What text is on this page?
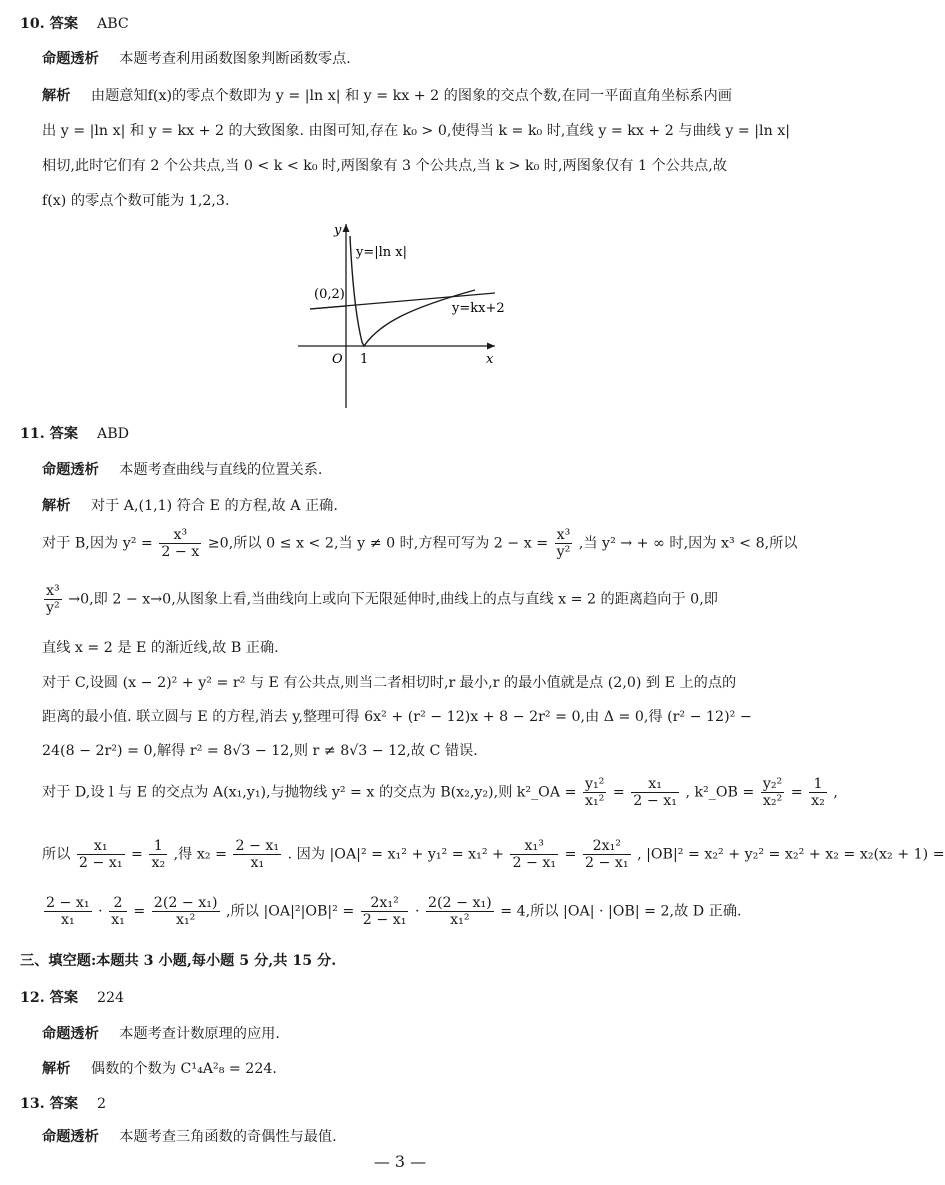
10. 答案 ABC
命题透析 本题考查利用函数图象判断函数零点.
解析 由题意知f(x)的零点个数即为 y = |ln x| 和 y = kx + 2 的图象的交点个数,在同一平面直角坐标系内画
出 y = |ln x| 和 y = kx + 2 的大致图象. 由图可知,存在 k₀ > 0,使得当 k = k₀ 时,直线 y = kx + 2 与曲线 y = |ln x|
相切,此时它们有 2 个公共点,当 0 < k < k₀ 时,两图象有 3 个公共点,当 k > k₀ 时,两图象仅有 1 个公共点,故
f(x) 的零点个数可能为 1,2,3.
y
x
O 1
(0,2)
y=|ln x|
y=kx+2
11. 答案 ABD
命题透析 本题考查曲线与直线的位置关系.
解析 对于 A,(1,1) 符合 E 的方程,故 A 正确.
对于 B,因为 $y^2 = \frac{\text{x³}}{2 - x} \ge 0$,所以 0 ≤ x < 2,当 y ≠ 0 时,方程可写为 $2 - x = \frac{\text{x³}}{\text{y²}}$ ,当 y² → + ∞ 时,因为 x³ < 8,所以
$\frac{\text{x³}}{\text{y²}} \to 0$,即 2 − x→0,从图象上看,当曲线向上或向下无限延伸时,曲线上的点与直线 x = 2 的距离趋向于 0,即
直线 x = 2 是 E 的渐近线,故 B 正确.
对于 C,设圆 (x − 2)² + y² = r² 与 E 有公共点,则当二者相切时,r 最小,r 的最小值就是点 (2,0) 到 E 上的点的
距离的最小值. 联立圆与 E 的方程,消去 y,整理可得 6x² + (r² − 12)x + 8 − 2r² = 0,由 Δ = 0,得 (r² − 12)² −
24(8 − 2r²) = 0,解得 r² = 8√3 − 12,则 r ≠ 8√3 − 12,故 C 错误.
对于 D,设 l 与 E 的交点为 A(x₁,y₁),与抛物线 y² = x 的交点为 B(x₂,y₂),则 k²_OA = $\frac{\text{y₁²}}{\text{x₁²}} = \frac{\text{x₁}}{\text{2 − x₁}}$ , k²_OB = $\frac{\text{y₂²}}{\text{x₂²}} = \frac{1}{\text{x₂}}$ ,
所以 $\frac{\text{x₁}}{\text{2 − x₁}} = \frac{1}{\text{x₂}}$ ,得 $x_2 = \frac{\text{2 − x₁}}{\text{x₁}}$ . 因为 $|OA|^2 = x_1^2 + y_1^2 = x_1^2 + \frac{\text{x₁³}}{\text{2 − x₁}} = \frac{\text{2x₁²}}{\text{2 − x₁}}$ , |OB|² = x₂² + y₂² = x₂² + x₂ = x₂(x₂ + 1) =
$\frac{\text{2 − x₁}}{\text{x₁}} \cdot \frac{2}{\text{x₁}} = \frac{\text{2(2 − x₁)}}{\text{x₁²}}$ ,所以 $|OA|^2|OB|^2 = \frac{\text{2x₁²}}{\text{2 − x₁}} \cdot \frac{\text{2(2 − x₁)}}{\text{x₁²}} = 4$,所以 |OA| · |OB| = 2,故 D 正确.
三、填空题:本题共 3 小题,每小题 5 分,共 15 分.
12. 答案 224
命题透析 本题考查计数原理的应用.
解析 偶数的个数为 C¹₄A²₈ = 224.
13. 答案 2
命题透析 本题考查三角函数的奇偶性与最值.
— 3 —
